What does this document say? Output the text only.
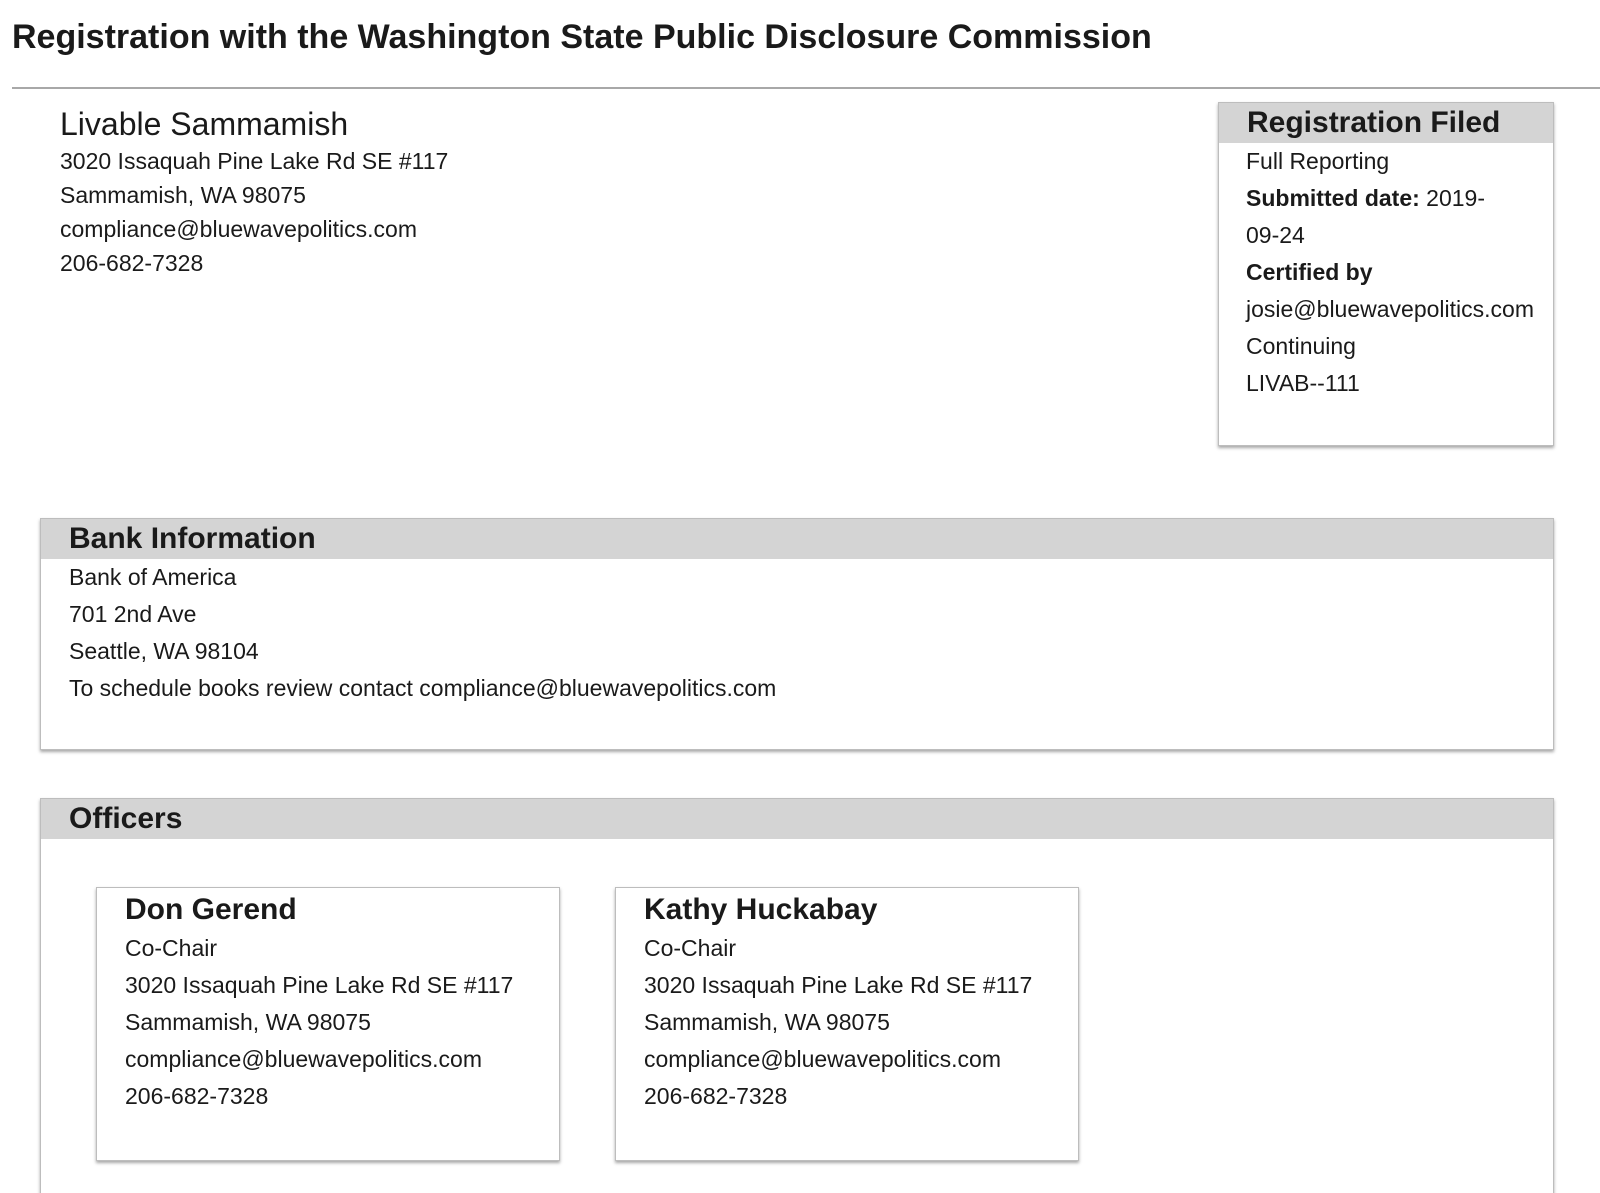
Registration with the Washington State Public Disclosure Commission
Livable Sammamish
3020 Issaquah Pine Lake Rd SE #117
Sammamish, WA 98075
compliance@bluewavepolitics.com
206-682-7328
Registration Filed
Full Reporting
Submitted date: 2019-
09-24
Certified by
josie@bluewavepolitics.com
Continuing
LIVAB--111
Bank Information
Bank of America
701 2nd Ave
Seattle, WA 98104
To schedule books review contact compliance@bluewavepolitics.com
Officers
Don Gerend
Co-Chair
3020 Issaquah Pine Lake Rd SE #117
Sammamish, WA 98075
compliance@bluewavepolitics.com
206-682-7328
Kathy Huckabay
Co-Chair
3020 Issaquah Pine Lake Rd SE #117
Sammamish, WA 98075
compliance@bluewavepolitics.com
206-682-7328
